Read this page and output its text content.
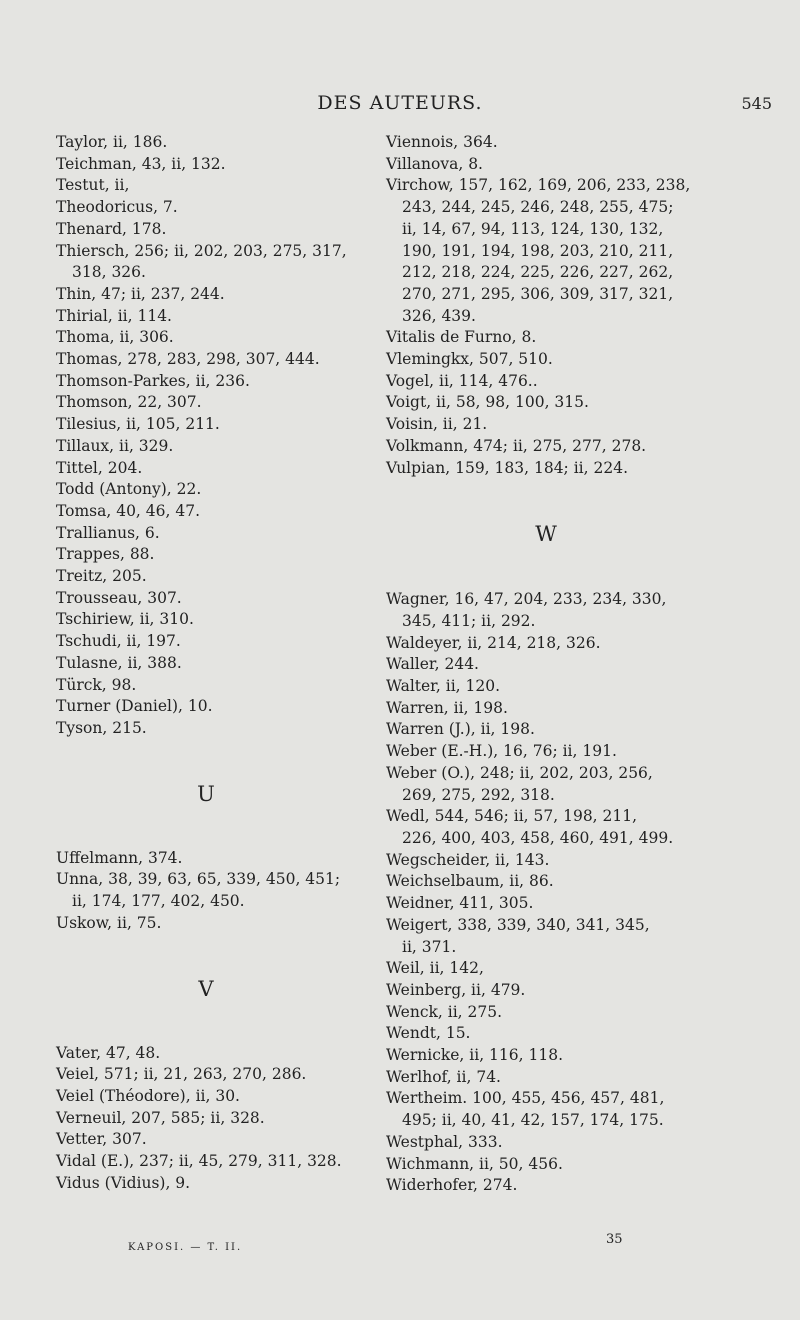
DES AUTEURS.	545
Taylor, ii, 186.
Teichman, 43, ii, 132.
Testut, ii,
Theodoricus, 7.
Thenard, 178.
Thiersch, 256; ii, 202, 203, 275, 317,
318, 326.
Thin, 47; ii, 237, 244.
Thirial, ii, 114.
Thoma, ii, 306.
Thomas, 278, 283, 298, 307, 444.
Thomson-Parkes, ii, 236.
Thomson, 22, 307.
Tilesius, ii, 105, 211.
Tillaux, ii, 329.
Tittel, 204.
Todd (Antony), 22.
Tomsa, 40, 46, 47.
Trallianus, 6.
Trappes, 88.
Treitz, 205.
Trousseau, 307.
Tschiriew, ii, 310.
Tschudi, ii, 197.
Tulasne, ii, 388.
Türck, 98.
Turner (Daniel), 10.
Tyson, 215.
U
Uffelmann, 374.
Unna, 38, 39, 63, 65, 339, 450, 451;
ii, 174, 177, 402, 450.
Uskow, ii, 75.
V
Vater, 47, 48.
Veiel, 571; ii, 21, 263, 270, 286.
Veiel (Théodore), ii, 30.
Verneuil, 207, 585; ii, 328.
Vetter, 307.
Vidal (E.), 237; ii, 45, 279, 311, 328.
Vidus (Vidius), 9.
Viennois, 364.
Villanova, 8.
Virchow, 157, 162, 169, 206, 233, 238,
243, 244, 245, 246, 248, 255, 475;
ii, 14, 67, 94, 113, 124, 130, 132,
190, 191, 194, 198, 203, 210, 211,
212, 218, 224, 225, 226, 227, 262,
270, 271, 295, 306, 309, 317, 321,
326, 439.
Vitalis de Furno, 8.
Vlemingkx, 507, 510.
Vogel, ii, 114, 476..
Voigt, ii, 58, 98, 100, 315.
Voisin, ii, 21.
Volkmann, 474; ii, 275, 277, 278.
Vulpian, 159, 183, 184; ii, 224.
W
Wagner, 16, 47, 204, 233, 234, 330,
345, 411; ii, 292.
Waldeyer, ii, 214, 218, 326.
Waller, 244.
Walter, ii, 120.
Warren, ii, 198.
Warren (J.), ii, 198.
Weber (E.-H.), 16, 76; ii, 191.
Weber (O.), 248; ii, 202, 203, 256,
269, 275, 292, 318.
Wedl, 544, 546; ii, 57, 198, 211,
226, 400, 403, 458, 460, 491, 499.
Wegscheider, ii, 143.
Weichselbaum, ii, 86.
Weidner, 411, 305.
Weigert, 338, 339, 340, 341, 345,
ii, 371.
Weil, ii, 142,
Weinberg, ii, 479.
Wenck, ii, 275.
Wendt, 15.
Wernicke, ii, 116, 118.
Werlhof, ii, 74.
Wertheim. 100, 455, 456, 457, 481,
495; ii, 40, 41, 42, 157, 174, 175.
Westphal, 333.
Wichmann, ii, 50, 456.
Widerhofer, 274.
KAPOSI. — T. II.
35
